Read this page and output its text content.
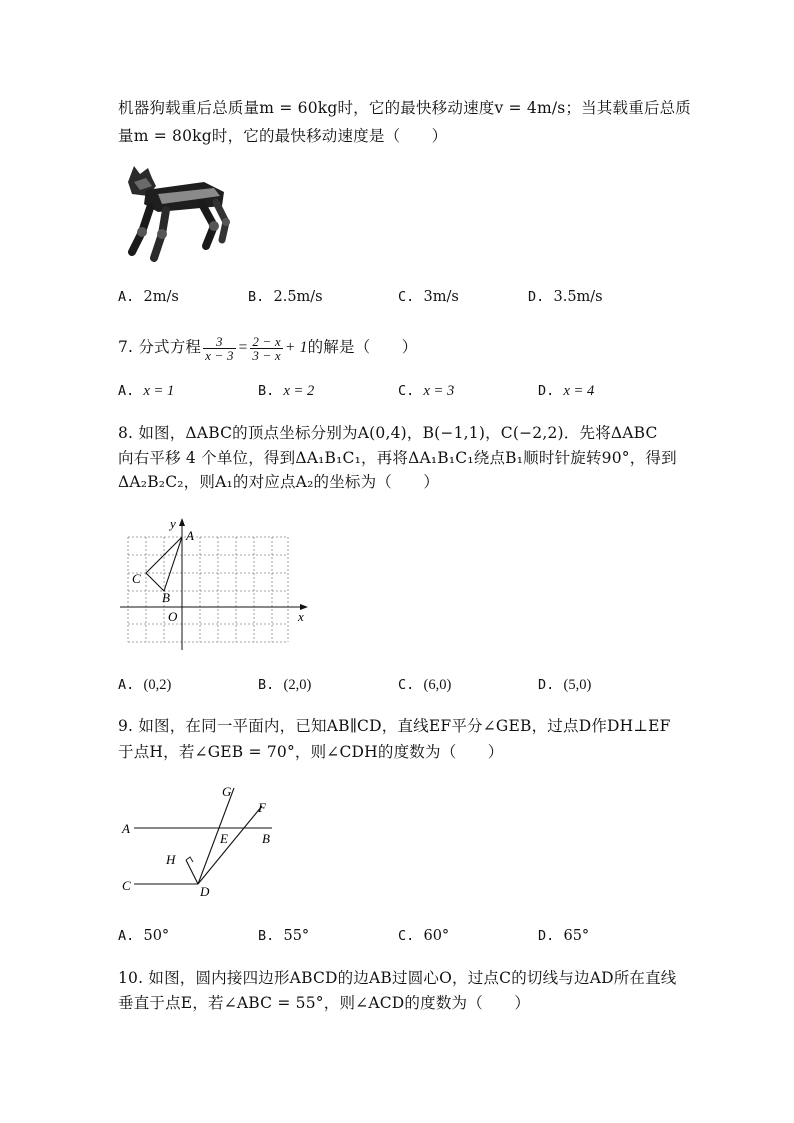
机器狗载重后总质量m = 60kg时，它的最快移动速度v = 4m/s；当其载重后总质
量m = 80kg时，它的最快移动速度是（　　）
A. 2m/s	B. 2.5m/s	C. 3m/s	D. 3.5m/s
7. 分式方程 $\frac{3}{x - 3} = \frac{2 - x}{3 - x} + 1$的解是（　　）
A. x = 1	B. x = 2	C. x = 3	D. x = 4
8. 如图，ΔABC的顶点坐标分别为A(0,4)，B(−1,1)，C(−2,2)．先将ΔABC
向右平移 4 个单位，得到ΔA₁B₁C₁，再将ΔA₁B₁C₁绕点B₁顺时针旋转90°，得到
ΔA₂B₂C₂，则A₁的对应点A₂的坐标为（　　）
y
x
A
C
B
O
A. (0,2)	B. (2,0)	C. (6,0)	D. (5,0)
9. 如图，在同一平面内，已知AB∥CD，直线EF平分∠GEB，过点D作DH⊥EF
于点H，若∠GEB = 70°，则∠CDH的度数为（　　）
G
F
A
E	B
H
C	D
A. 50°	B. 55°	C. 60°	D. 65°
10. 如图，圆内接四边形ABCD的边AB过圆心O，过点C的切线与边AD所在直线
垂直于点E，若∠ABC = 55°，则∠ACD的度数为（　　）
